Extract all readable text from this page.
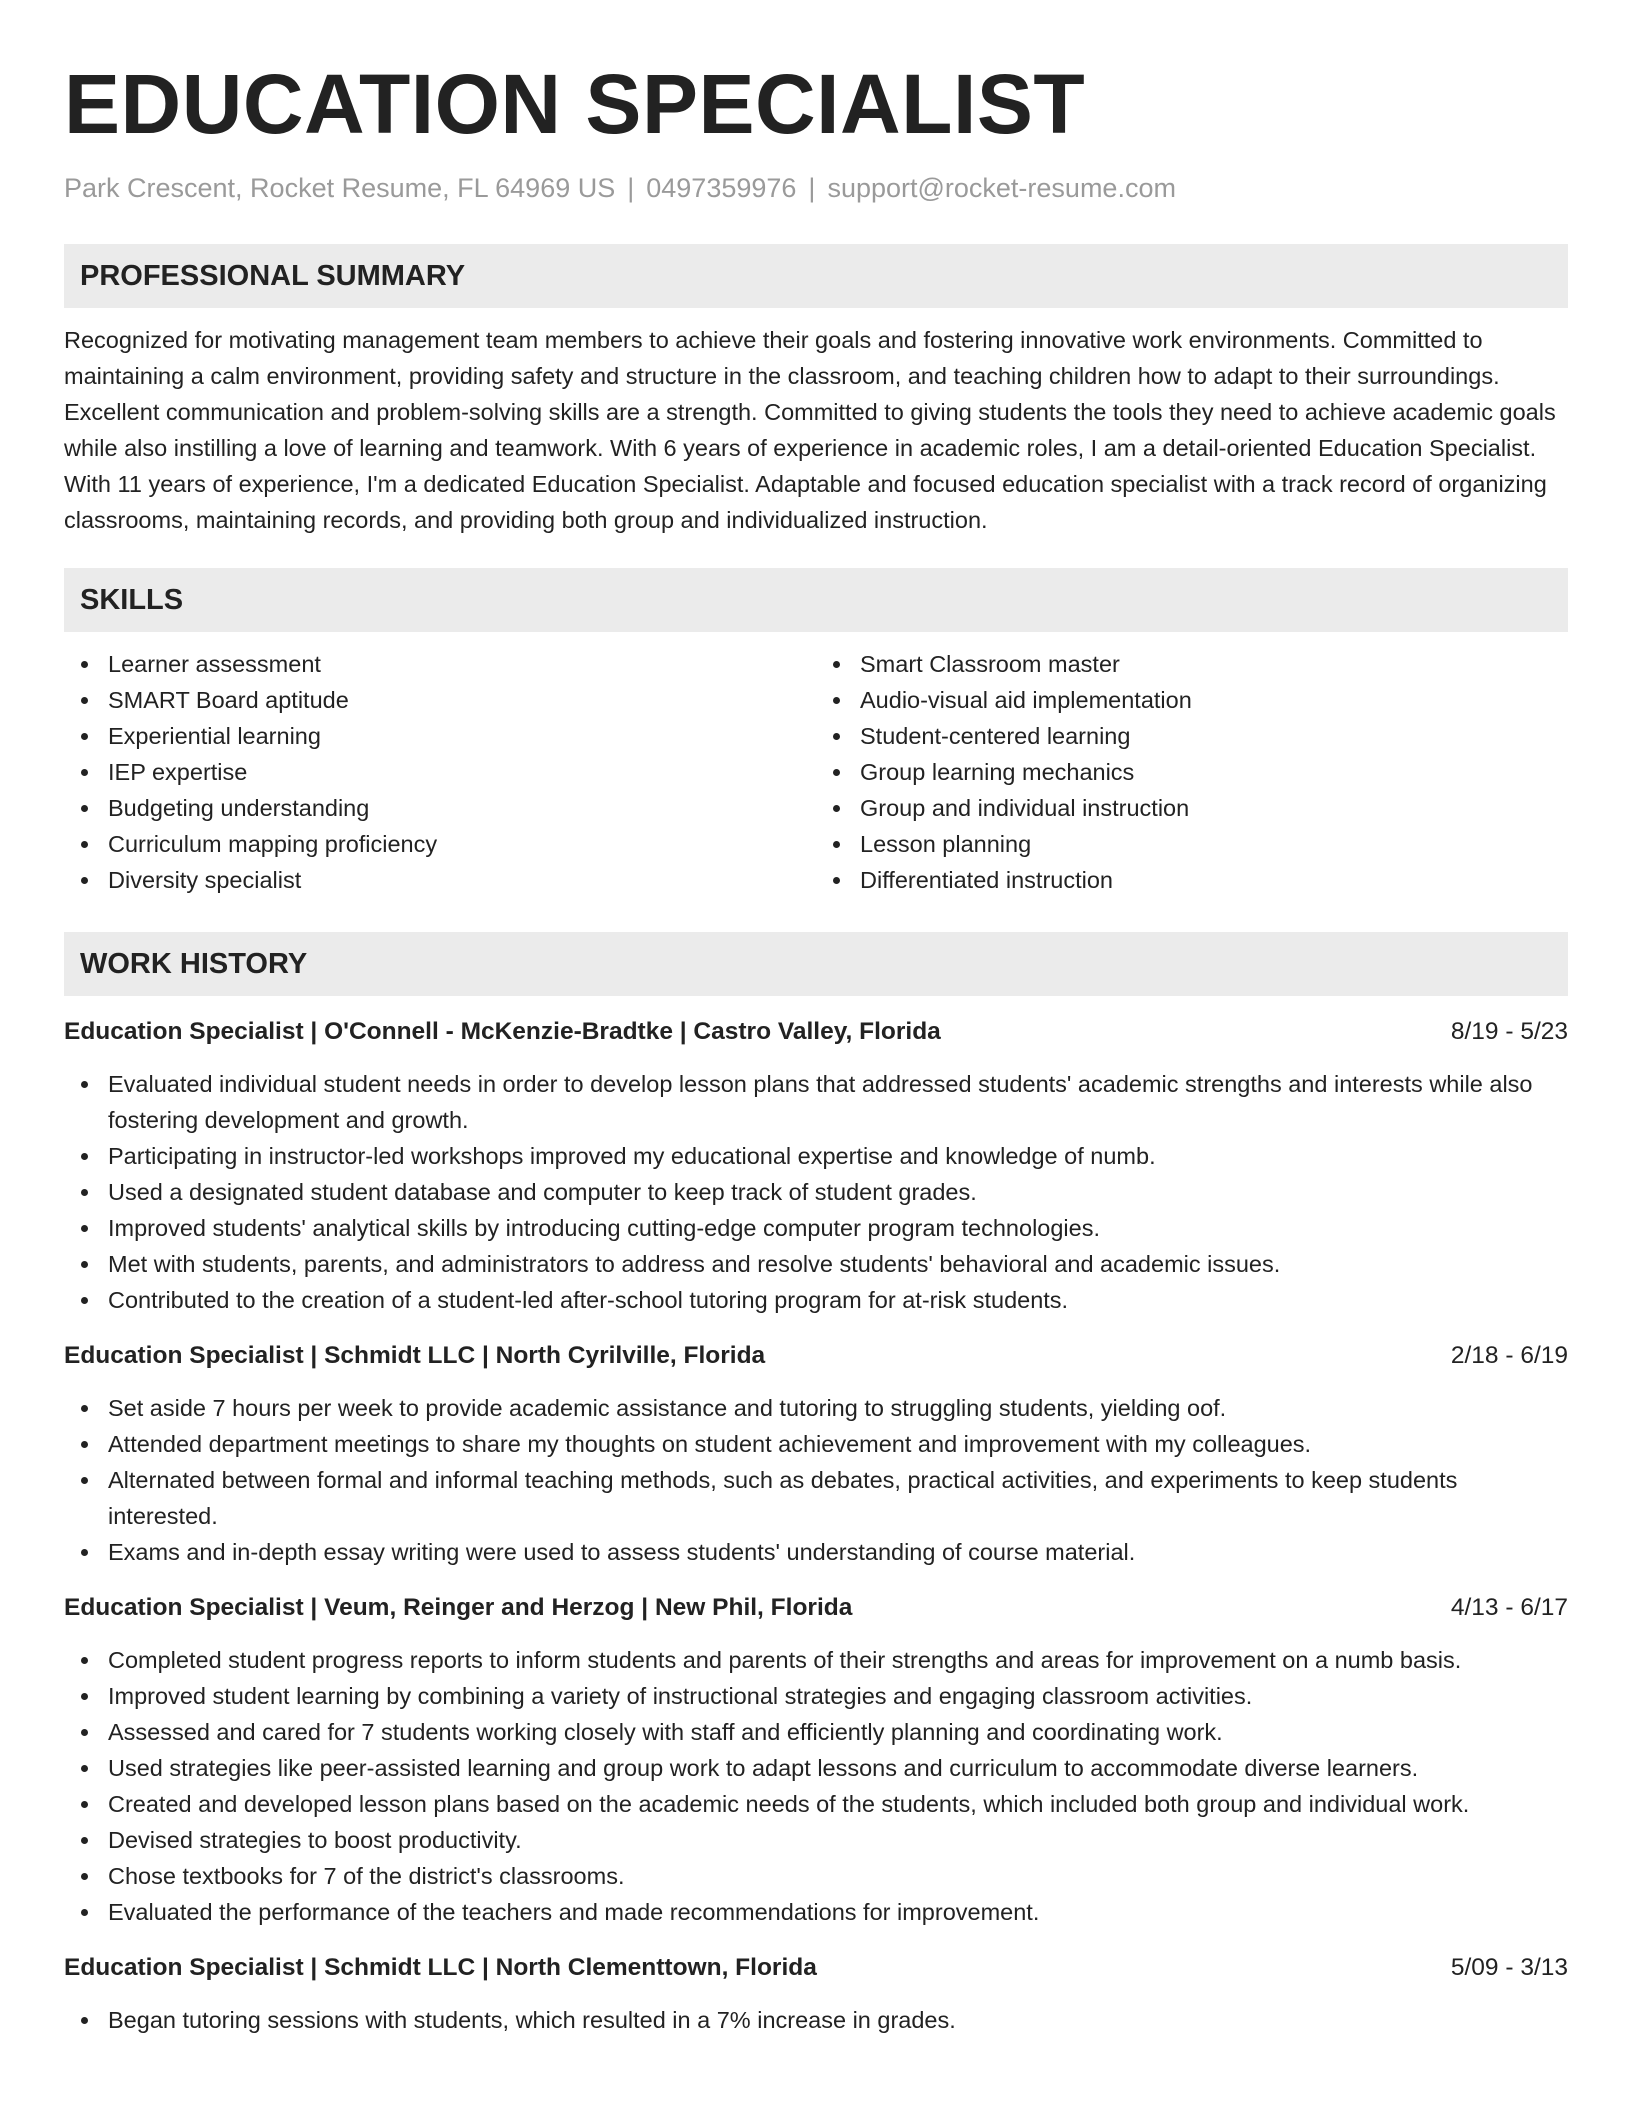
EDUCATION SPECIALIST
Park Crescent, Rocket Resume, FL 64969 US | 0497359976 | support@rocket-resume.com
PROFESSIONAL SUMMARY
Recognized for motivating management team members to achieve their goals and fostering innovative work environments. Committed to maintaining a calm environment, providing safety and structure in the classroom, and teaching children how to adapt to their surroundings. Excellent communication and problem-solving skills are a strength. Committed to giving students the tools they need to achieve academic goals while also instilling a love of learning and teamwork. With 6 years of experience in academic roles, I am a detail-oriented Education Specialist. With 11 years of experience, I'm a dedicated Education Specialist. Adaptable and focused education specialist with a track record of organizing classrooms, maintaining records, and providing both group and individualized instruction.
SKILLS
Learner assessment
SMART Board aptitude
Experiential learning
IEP expertise
Budgeting understanding
Curriculum mapping proficiency
Diversity specialist
Smart Classroom master
Audio-visual aid implementation
Student-centered learning
Group learning mechanics
Group and individual instruction
Lesson planning
Differentiated instruction
WORK HISTORY
Education Specialist | O'Connell - McKenzie-Bradtke | Castro Valley, Florida	8/19 - 5/23
Evaluated individual student needs in order to develop lesson plans that addressed students' academic strengths and interests while also fostering development and growth.
Participating in instructor-led workshops improved my educational expertise and knowledge of numb.
Used a designated student database and computer to keep track of student grades.
Improved students' analytical skills by introducing cutting-edge computer program technologies.
Met with students, parents, and administrators to address and resolve students' behavioral and academic issues.
Contributed to the creation of a student-led after-school tutoring program for at-risk students.
Education Specialist | Schmidt LLC | North Cyrilville, Florida	2/18 - 6/19
Set aside 7 hours per week to provide academic assistance and tutoring to struggling students, yielding oof.
Attended department meetings to share my thoughts on student achievement and improvement with my colleagues.
Alternated between formal and informal teaching methods, such as debates, practical activities, and experiments to keep students interested.
Exams and in-depth essay writing were used to assess students' understanding of course material.
Education Specialist | Veum, Reinger and Herzog | New Phil, Florida	4/13 - 6/17
Completed student progress reports to inform students and parents of their strengths and areas for improvement on a numb basis.
Improved student learning by combining a variety of instructional strategies and engaging classroom activities.
Assessed and cared for 7 students working closely with staff and efficiently planning and coordinating work.
Used strategies like peer-assisted learning and group work to adapt lessons and curriculum to accommodate diverse learners.
Created and developed lesson plans based on the academic needs of the students, which included both group and individual work.
Devised strategies to boost productivity.
Chose textbooks for 7 of the district's classrooms.
Evaluated the performance of the teachers and made recommendations for improvement.
Education Specialist | Schmidt LLC | North Clementtown, Florida	5/09 - 3/13
Began tutoring sessions with students, which resulted in a 7% increase in grades.
